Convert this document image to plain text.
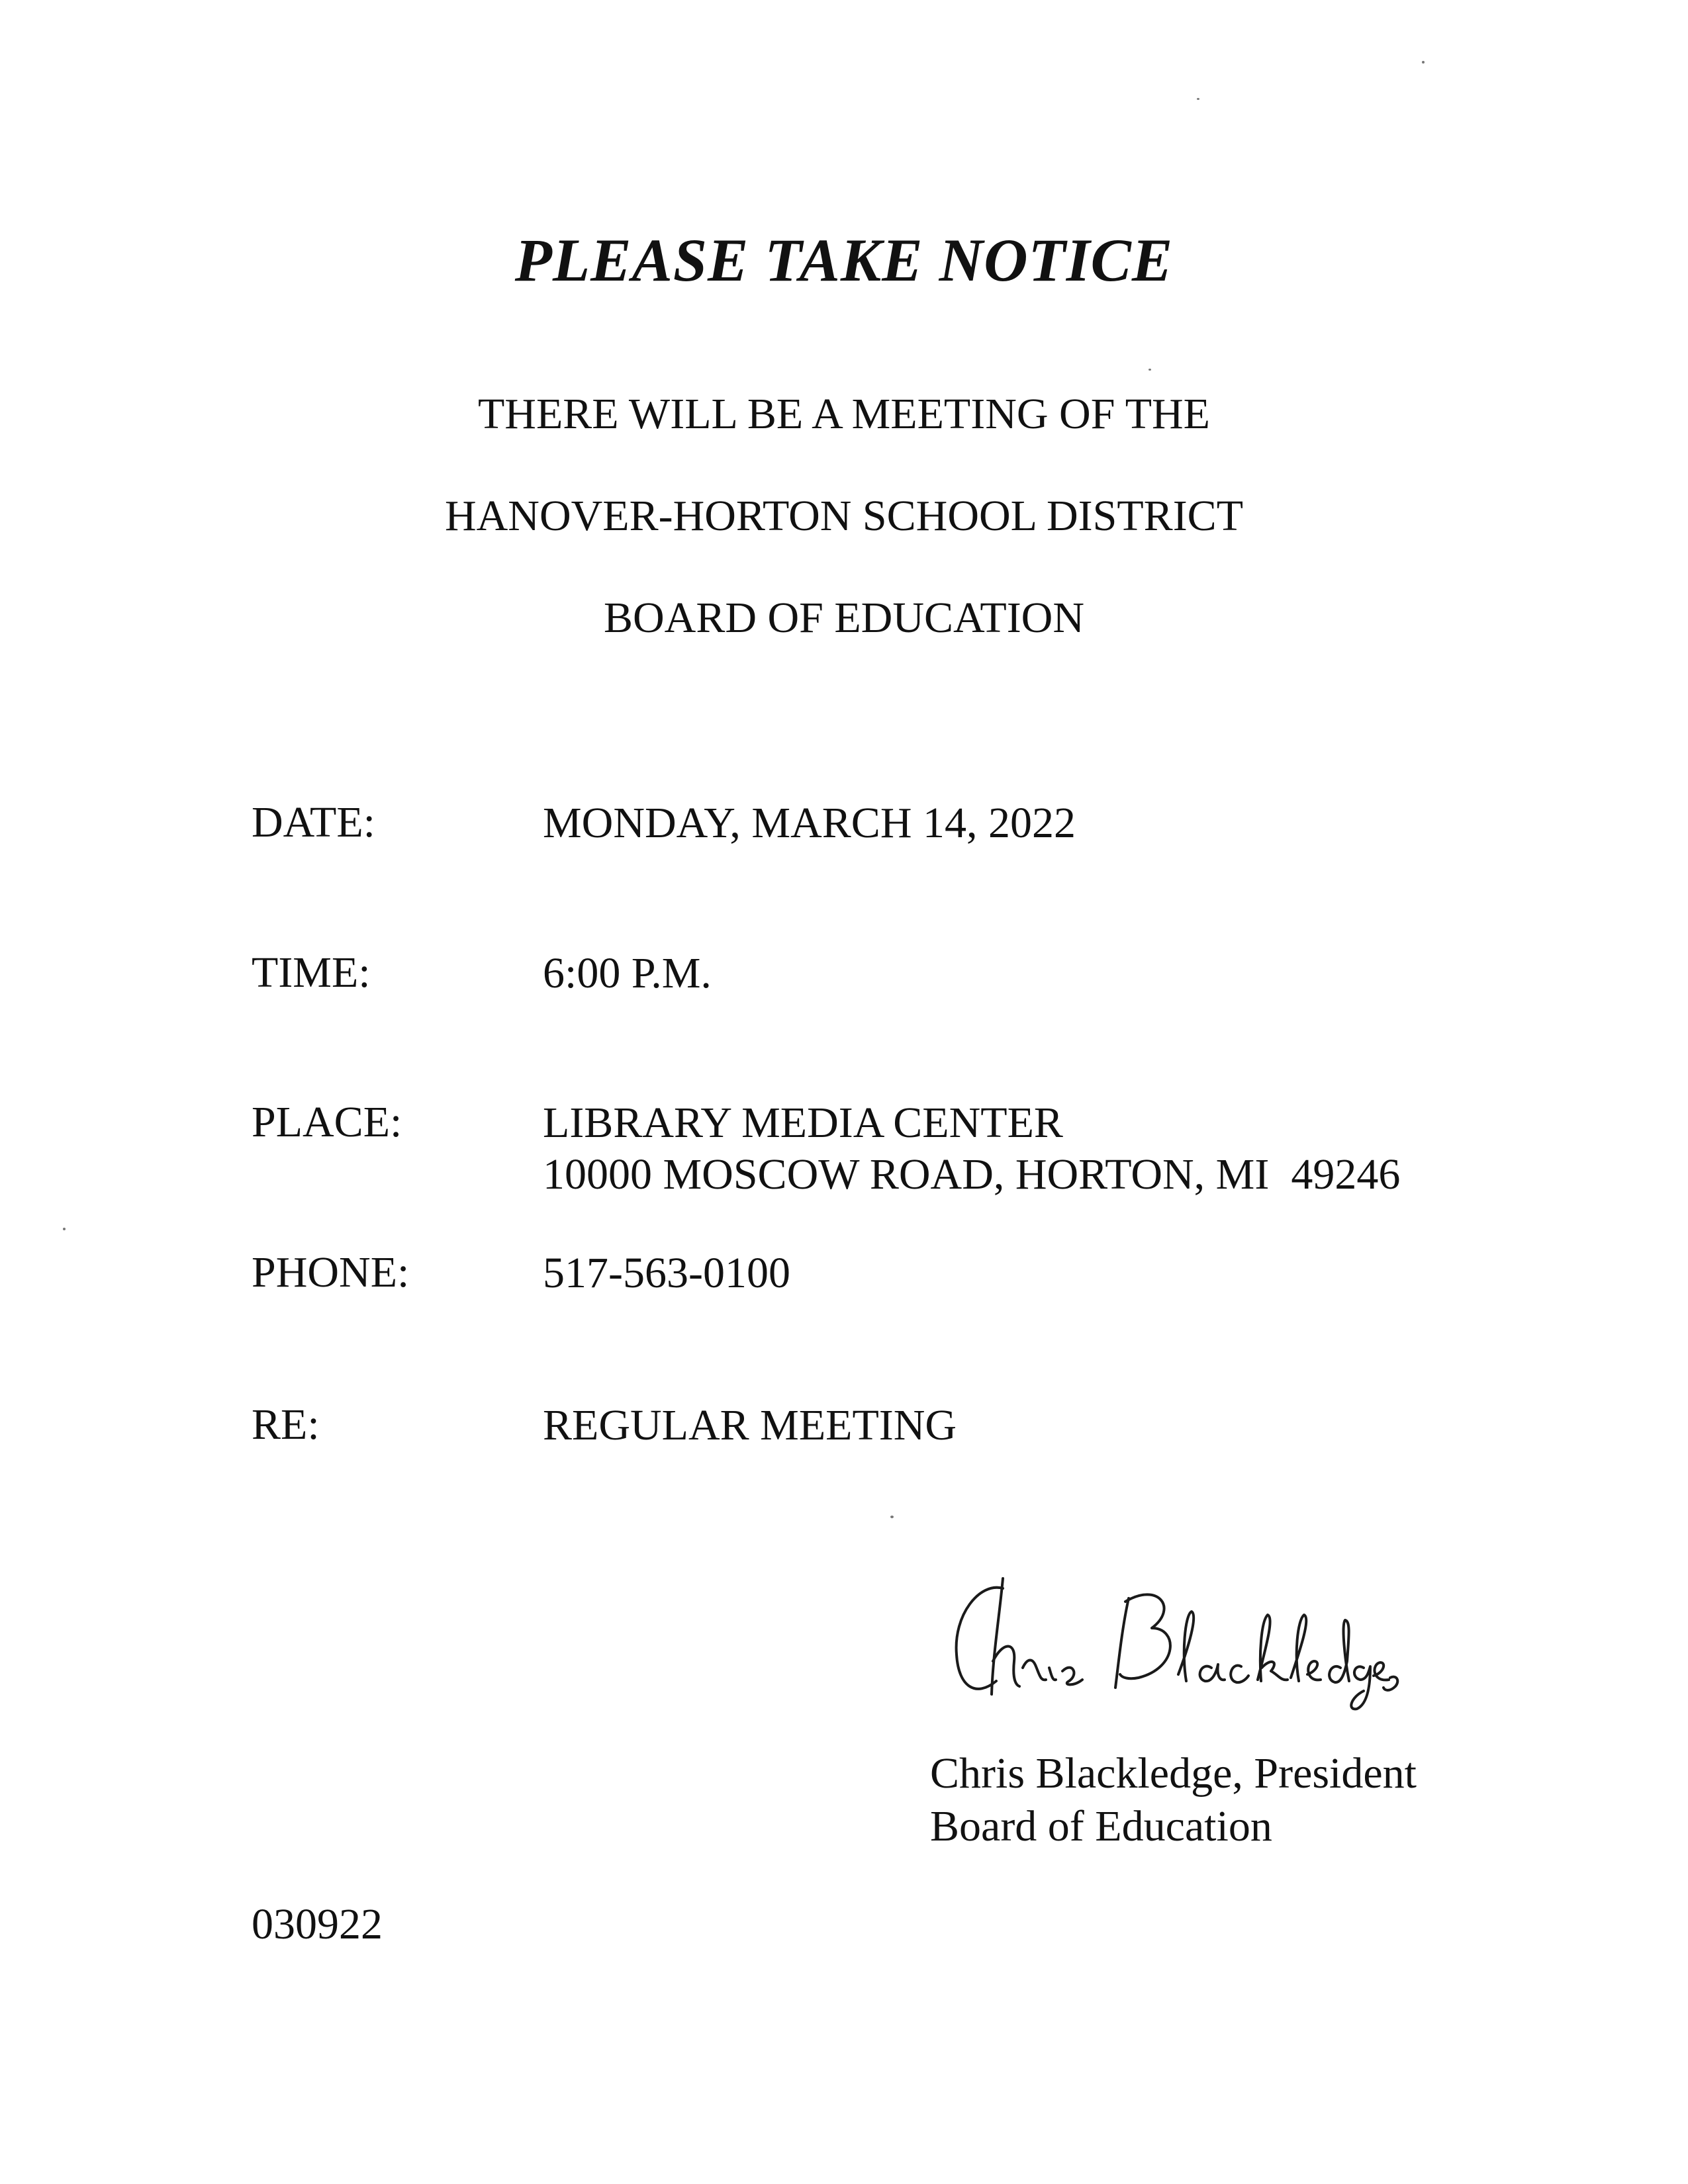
PLEASE TAKE NOTICE
THERE WILL BE A MEETING OF THE
HANOVER-HORTON SCHOOL DISTRICT
BOARD OF EDUCATION
DATE:	MONDAY, MARCH 14, 2022
TIME:	6:00 P.M.
PLACE:	LIBRARY MEDIA CENTER
10000 MOSCOW ROAD, HORTON, MI  49246
PHONE:	517-563-0100
RE:	REGULAR MEETING
Chris Blackledge, President
Board of Education
030922
